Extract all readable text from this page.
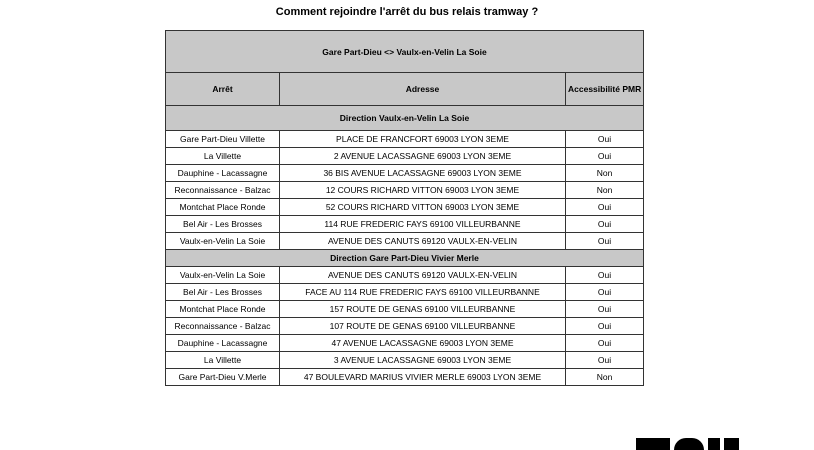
Comment rejoindre l'arrêt du bus relais tramway ?
Gare Part-Dieu <> Vaulx-en-Velin La Soie		
Arrêt	Adresse	Accessibilité PMR
Direction Vaulx-en-Velin La Soie		
Gare Part-Dieu Villette	PLACE DE FRANCFORT 69003 LYON 3EME	Oui
La Villette	2 AVENUE LACASSAGNE 69003 LYON 3EME	Oui
Dauphine - Lacassagne	36 BIS AVENUE LACASSAGNE 69003 LYON 3EME	Non
Reconnaissance - Balzac	12 COURS RICHARD VITTON 69003 LYON 3EME	Non
Montchat Place Ronde	52 COURS RICHARD VITTON 69003 LYON 3EME	Oui
Bel Air - Les Brosses	114 RUE FREDERIC FAYS 69100 VILLEURBANNE	Oui
Vaulx-en-Velin La Soie	AVENUE DES CANUTS 69120 VAULX-EN-VELIN	Oui
Direction Gare Part-Dieu Vivier Merle		
Vaulx-en-Velin La Soie	AVENUE DES CANUTS 69120 VAULX-EN-VELIN	Oui
Bel Air - Les Brosses	FACE AU 114 RUE FREDERIC FAYS 69100 VILLEURBANNE	Oui
Montchat Place Ronde	157 ROUTE DE GENAS 69100 VILLEURBANNE	Oui
Reconnaissance - Balzac	107 ROUTE DE GENAS 69100 VILLEURBANNE	Oui
Dauphine - Lacassagne	47 AVENUE LACASSAGNE 69003 LYON 3EME	Oui
La Villette	3 AVENUE LACASSAGNE 69003 LYON 3EME	Oui
Gare Part-Dieu V.Merle	47 BOULEVARD MARIUS VIVIER MERLE 69003 LYON 3EME	Non
